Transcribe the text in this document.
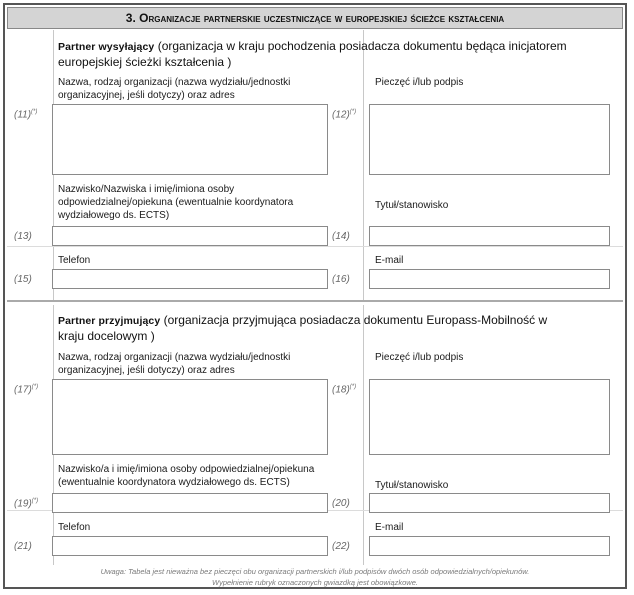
3. Organizacje partnerskie uczestniczące w europejskiej ścieżce kształcenia
Partner wysyłający (organizacja w kraju pochodzenia posiadacza dokumentu będąca inicjatorem europejskiej ścieżki kształcenia )
Nazwa, rodzaj organizacji (nazwa wydziału/jednostki organizacyjnej, jeśli dotyczy) oraz adres
(11)(*)
Pieczęć i/lub podpis
(12)(*)
Nazwisko/Nazwiska i imię/imiona osoby odpowiedzialnej/opiekuna (ewentualnie koordynatora wydziałowego ds. ECTS)
(13)
Tytuł/stanowisko
(14)
Telefon
(15)
E-mail
(16)
Partner przyjmujący (organizacja przyjmująca posiadacza dokumentu Europass-Mobilność w kraju docelowym )
Nazwa, rodzaj organizacji (nazwa wydziału/jednostki organizacyjnej, jeśli dotyczy) oraz adres
(17)(*)
Pieczęć i/lub podpis
(18)(*)
Nazwisko/a i imię/imiona osoby odpowiedzialnej/opiekuna (ewentualnie koordynatora wydziałowego ds. ECTS)
(19)(*)
Tytuł/stanowisko
(20)
Telefon
(21)
E-mail
(22)
Uwaga: Tabela jest nieważna bez pieczęci obu organizacji partnerskich i/lub podpisów dwóch osób odpowiedzialnych/opiekunów.
Wypełnienie rubryk oznaczonych gwiazdką jest obowiązkowe.
